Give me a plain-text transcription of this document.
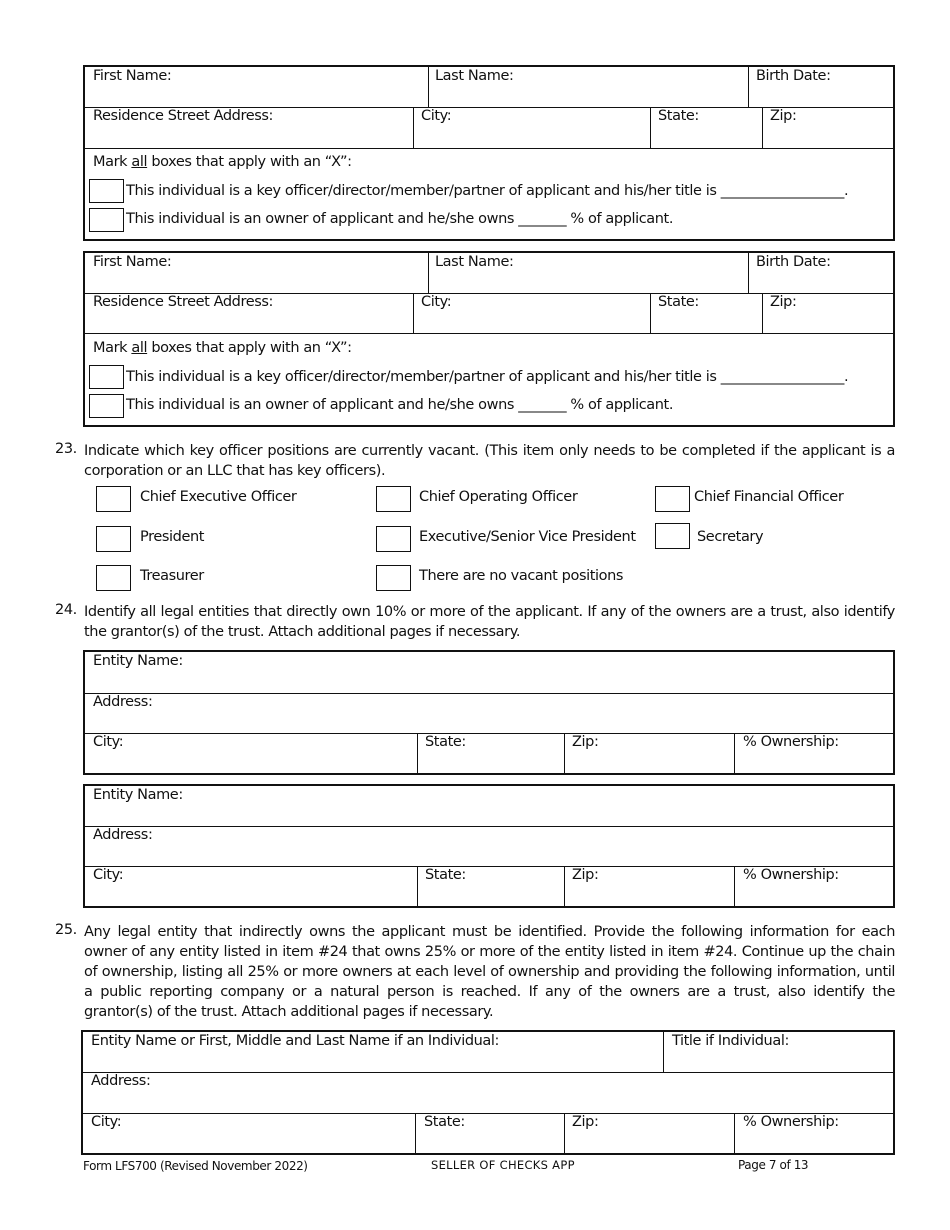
First Name:	Last Name:	Birth Date:
Residence Street Address:	City:	State:	Zip:
Mark all boxes that apply with an “X”:
This individual is a key officer/director/member/partner of applicant and his/her title is __________________.
This individual is an owner of applicant and he/she owns _______ % of applicant.
First Name:	Last Name:	Birth Date:
Residence Street Address:	City:	State:	Zip:
Mark all boxes that apply with an “X”:
This individual is a key officer/director/member/partner of applicant and his/her title is __________________.
This individual is an owner of applicant and he/she owns _______ % of applicant.
23. Indicate which key officer positions are currently vacant. (This item only needs to be completed if the applicant is a corporation or an LLC that has key officers).
Chief Executive Officer	Chief Operating Officer	Chief Financial Officer
President	Executive/Senior Vice President	Secretary
Treasurer	There are no vacant positions
24. Identify all legal entities that directly own 10% or more of the applicant. If any of the owners are a trust, also identify the grantor(s) of the trust. Attach additional pages if necessary.
Entity Name:
Address:
City:	State:	Zip:	% Ownership:
Entity Name:
Address:
City:	State:	Zip:	% Ownership:
25. Any legal entity that indirectly owns the applicant must be identified. Provide the following information for each owner of any entity listed in item #24 that owns 25% or more of the entity listed in item #24. Continue up the chain of ownership, listing all 25% or more owners at each level of ownership and providing the following information, until a public reporting company or a natural person is reached. If any of the owners are a trust, also identify the grantor(s) of the trust. Attach additional pages if necessary.
Entity Name or First, Middle and Last Name if an Individual:	Title if Individual:
Address:
City:	State:	Zip:	% Ownership:
Form LFS700 (Revised November 2022)	SELLER OF CHECKS APP	Page 7 of 13
